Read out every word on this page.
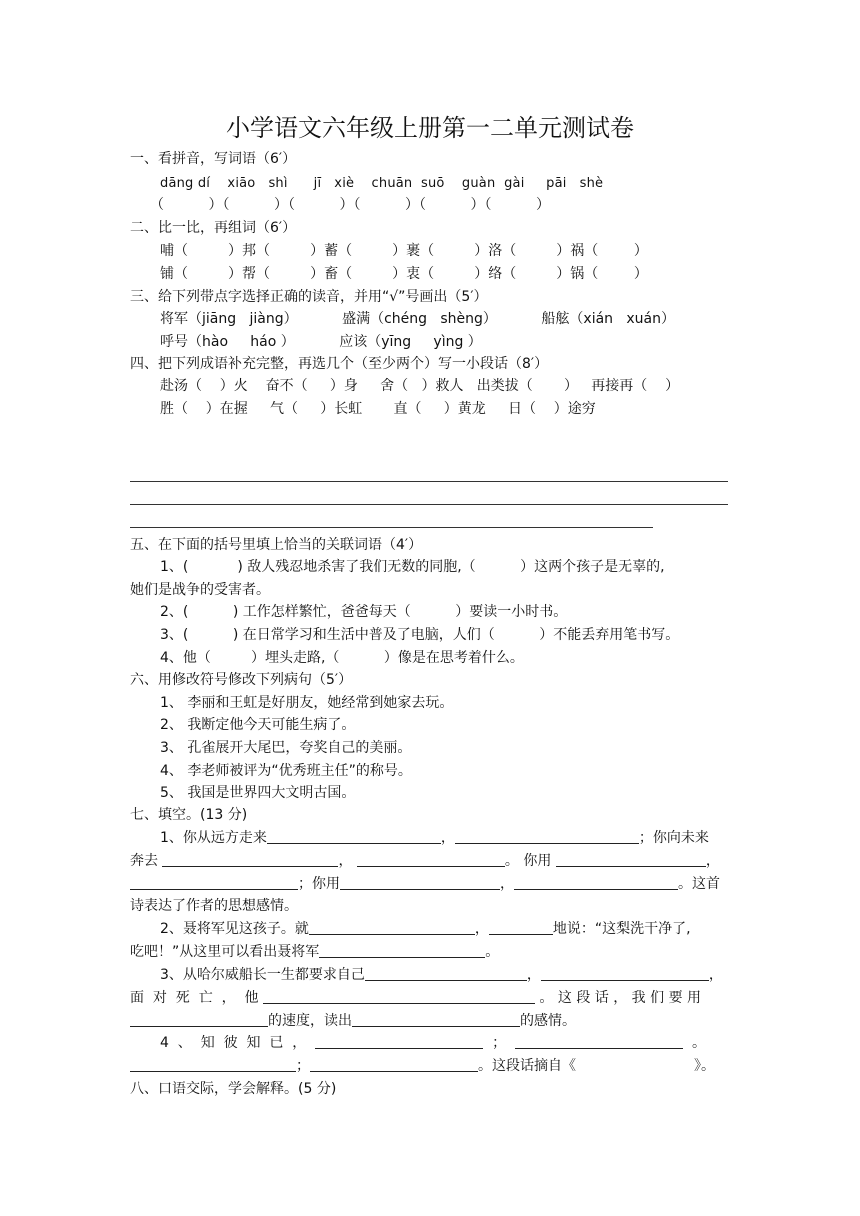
小学语文六年级上册第一二单元测试卷
一、看拼音，写词语（6′）
dāng dí    xiāo   shì      jī   xiè    chuān  suō    guàn  gài     pāi   shè
（          ）（          ）（          ）（          ）（          ）（          ）
二、比一比，再组词（6′）
哺（         ）邦（         ）蓄（         ）裹（         ）洛（         ）祸（        ）
铺（         ）帮（         ）畜（         ）衷（         ）络（         ）锅（        ）
三、给下列带点字选择正确的读音，并用“√”号画出（5′）
将军（jiāng   jiàng）          盛满（chéng   shèng）          船舷（xián   xuán）
呼号（hào     háo ）          应该（yīng     yìng ）
四、把下列成语补充完整，再选几个（至少两个）写一小段话（8′）
赴汤（    ）火    奋不（     ）身     舍（   ）救人   出类拔（       ）   再接再（    ）
胜（    ）在握     气（     ）长虹       直（     ）黄龙     日（    ）途穷
五、在下面的括号里填上恰当的关联词语（4′）
1、(           ) 敌人残忍地杀害了我们无数的同胞,（          ）这两个孩子是无辜的,
她们是战争的受害者。
2、(          ) 工作怎样繁忙，爸爸每天（          ）要读一小时书。
3、(          ) 在日常学习和生活中普及了电脑，人们（          ）不能丢弃用笔书写。
4、他（         ）埋头走路,（          ）像是在思考着什么。
六、用修改符号修改下列病句（5′）
1、 李丽和王虹是好朋友，她经常到她家去玩。
2、 我断定他今天可能生病了。
3、 孔雀展开大尾巴，夸奖自己的美丽。
4、 李老师被评为“优秀班主任”的称号。
5、 我国是世界四大文明古国。
七、填空。(13 分)
1、你从远方走来	，	；你向未来
奔去	，	。 你用	，
；你用	，	。这首
诗表达了作者的思想感情。
2、聂将军见这孩子。就	，	地说：“这梨洗干净了,
吃吧！”从这里可以看出聂将军	。
3、从哈尔威船长一生都要求自己	，	，
面  对  死  亡  ，  他	。 这 段 话 ， 我 们 要 用
的速度，读出	的感情。
4  、  知  彼  知  已  ，	；	。
；	。这段话摘自《	》。
八、口语交际，学会解释。(5 分)
